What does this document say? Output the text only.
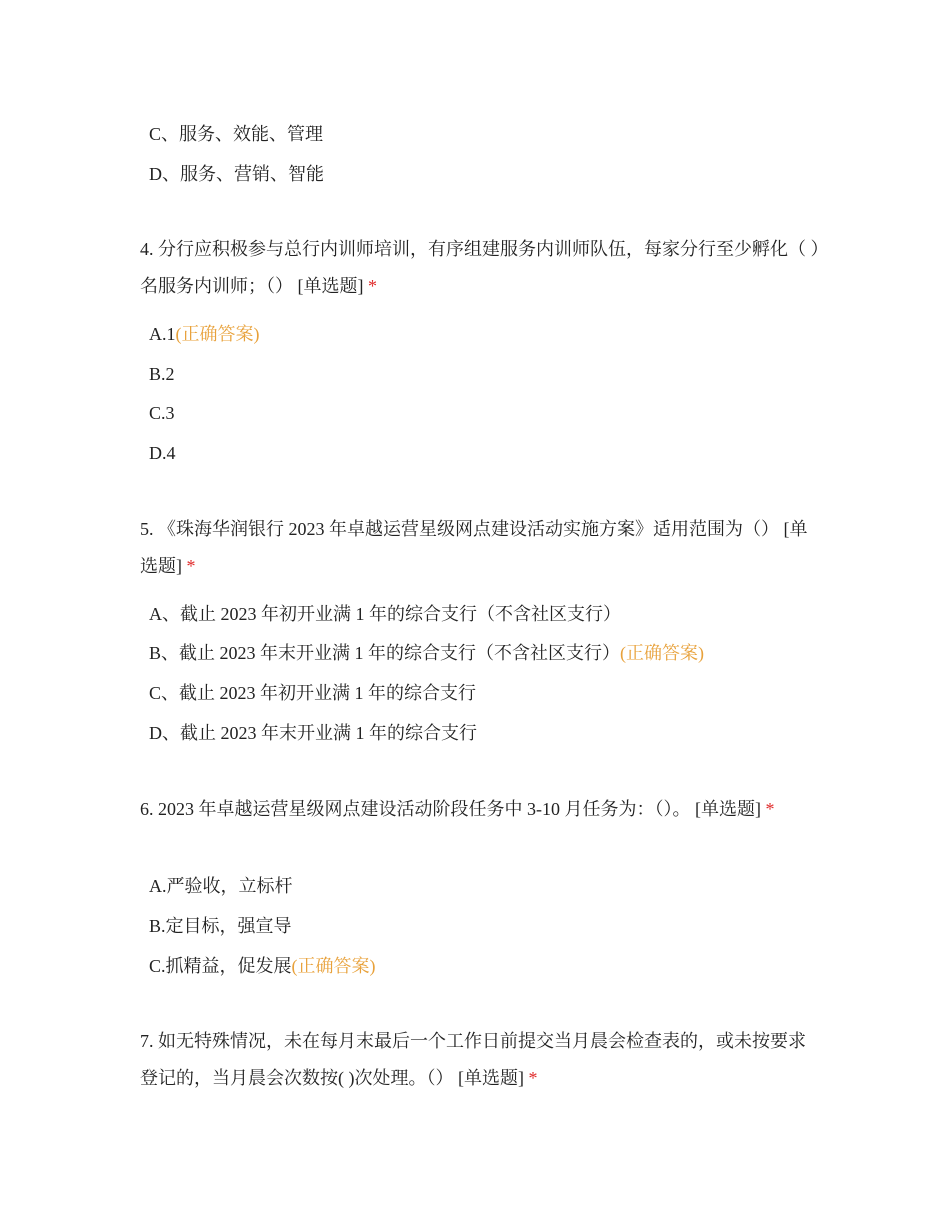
C、服务、效能、管理
D、服务、营销、智能
4. 分行应积极参与总行内训师培训，有序组建服务内训师队伍，每家分行至少孵化（ ）名服务内训师；（） [单选题] *
A.1(正确答案)
B.2
C.3
D.4
5. 《珠海华润银行 2023 年卓越运营星级网点建设活动实施方案》适用范围为（） [单选题] *
A、截止 2023 年初开业满 1 年的综合支行（不含社区支行）
B、截止 2023 年末开业满 1 年的综合支行（不含社区支行）(正确答案)
C、截止 2023 年初开业满 1 年的综合支行
D、截止 2023 年末开业满 1 年的综合支行
6. 2023 年卓越运营星级网点建设活动阶段任务中 3-10 月任务为：（）。 [单选题] *
A.严验收，立标杆
B.定目标，强宣导
C.抓精益，促发展(正确答案)
7. 如无特殊情况，未在每月末最后一个工作日前提交当月晨会检查表的，或未按要求登记的，当月晨会次数按( )次处理。（） [单选题] *
